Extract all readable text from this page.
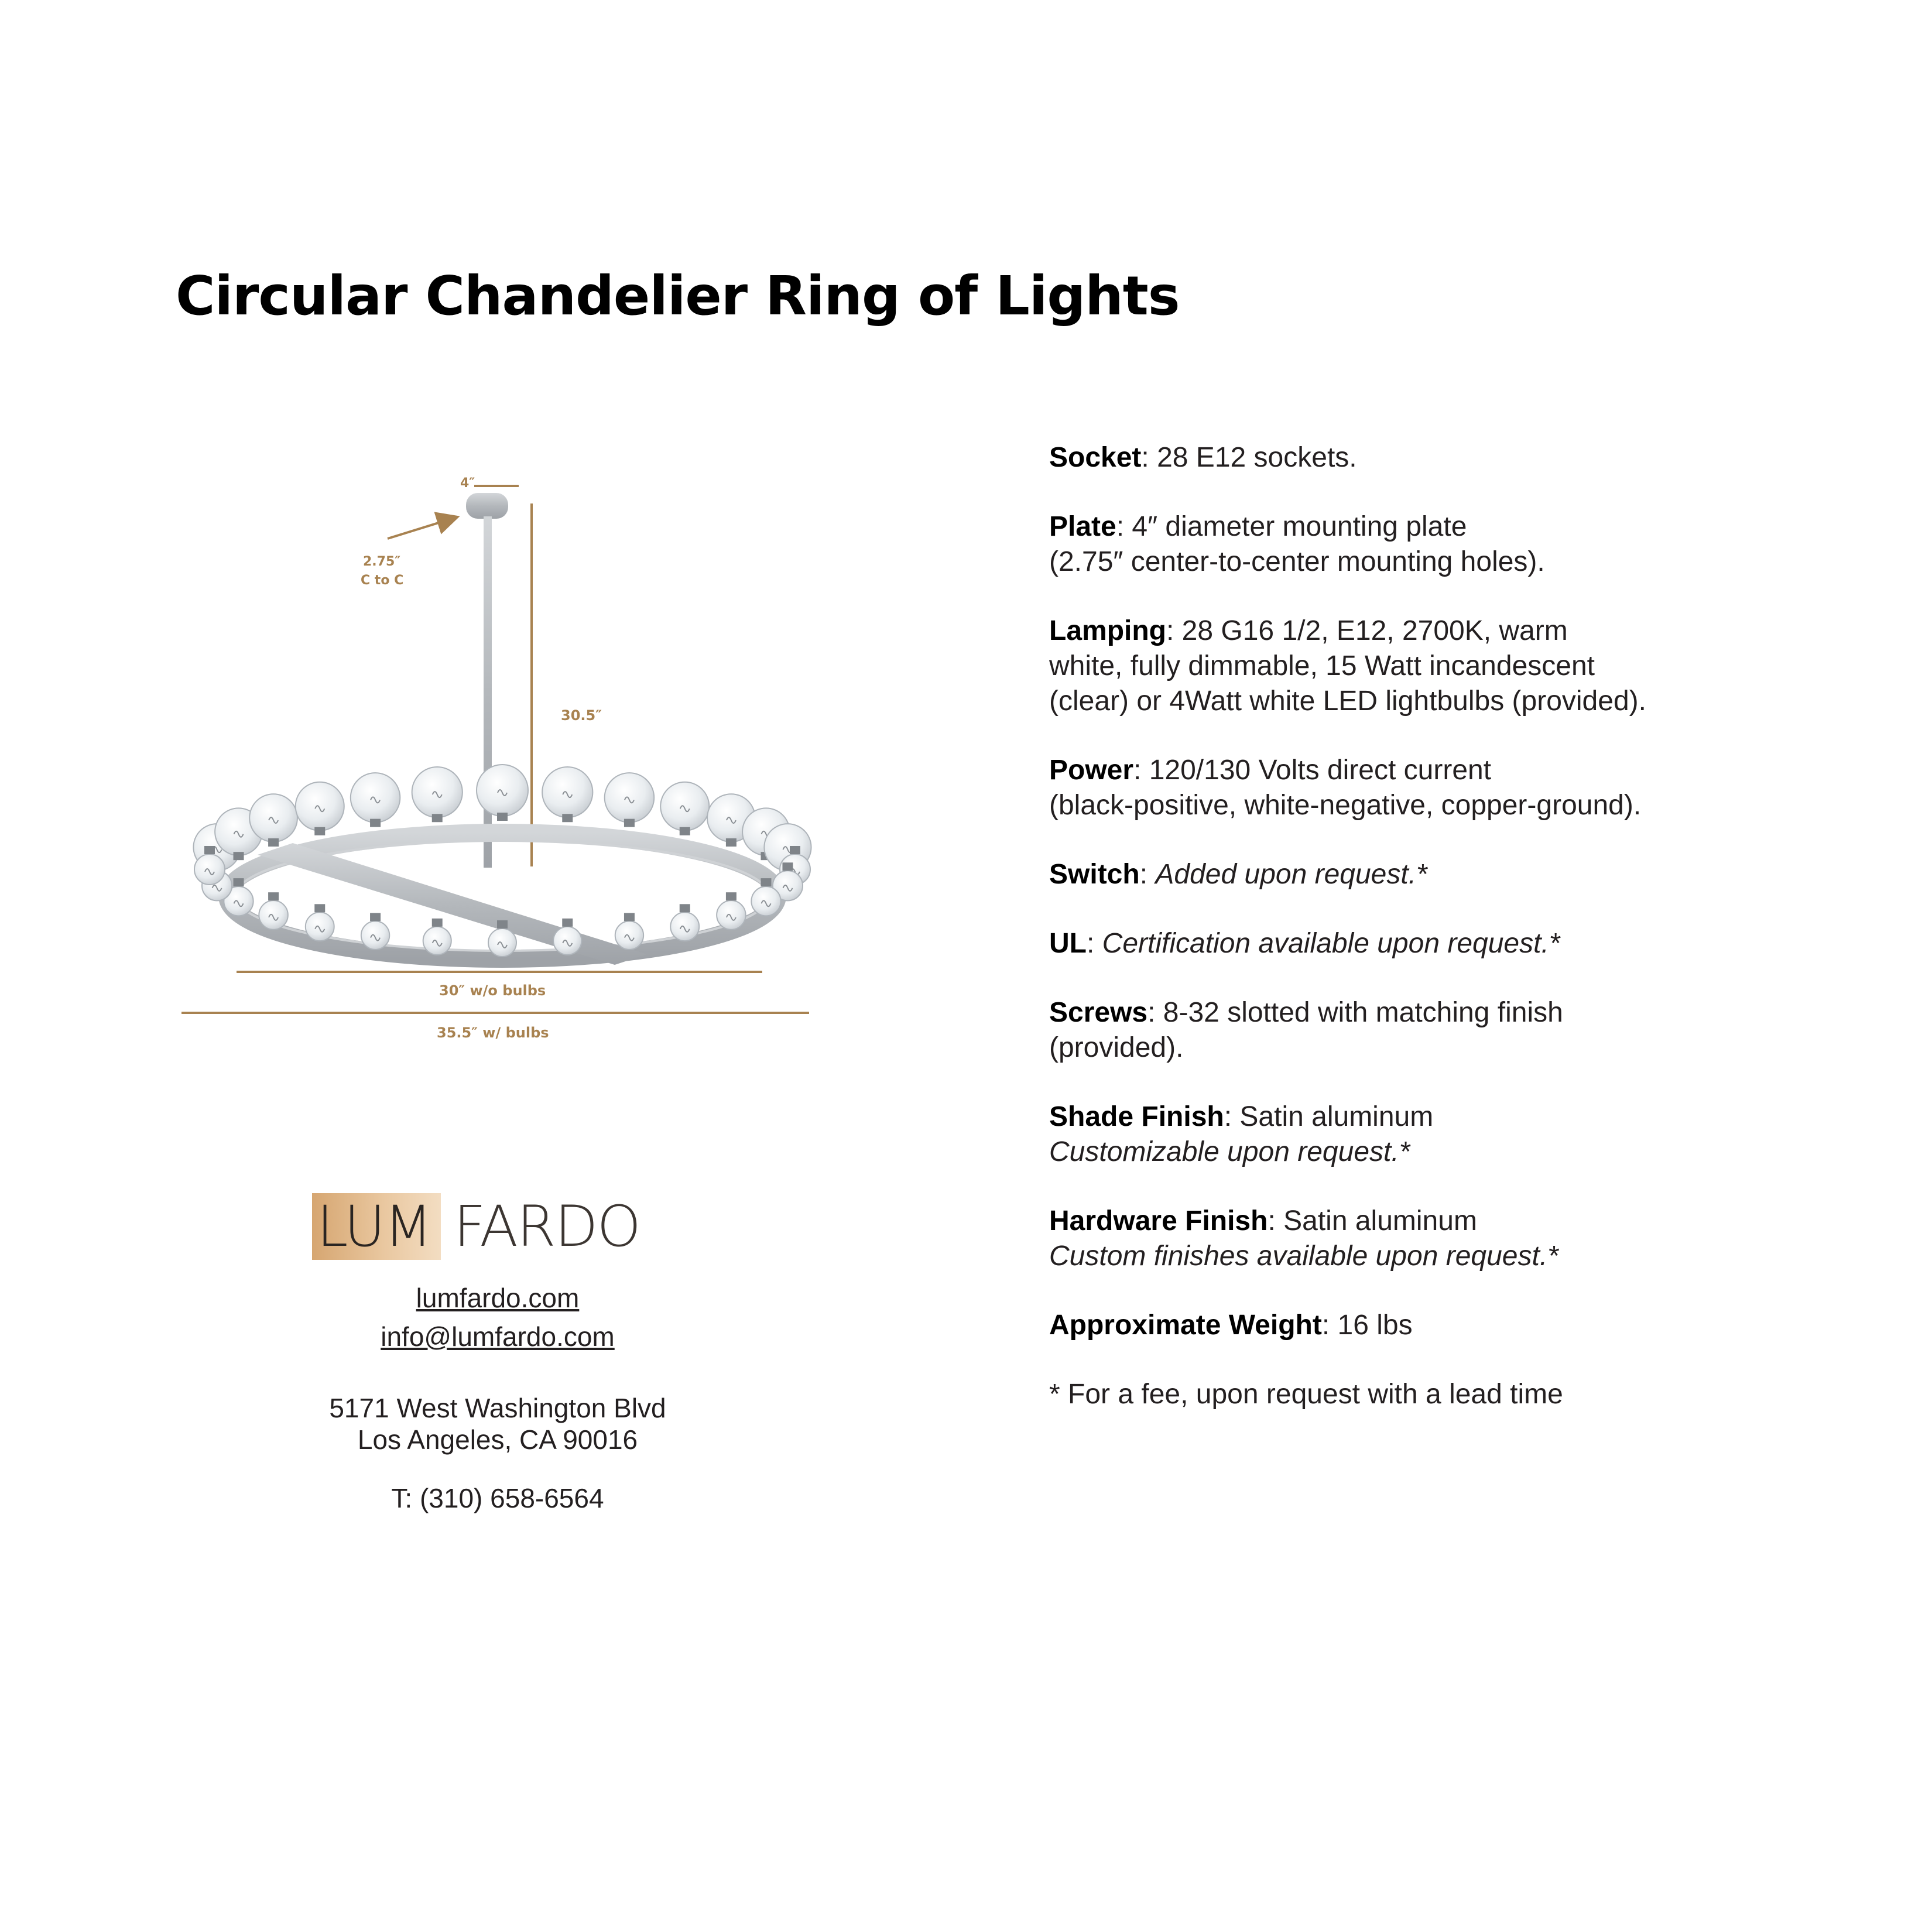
Circular Chandelier Ring of Lights
4″
2.75″
C to C
30.5″
30″ w/o bulbs
35.5″ w/ bulbs
LUM FARDO
lumfardo.com
info@lumfardo.com
5171 West Washington Blvd
Los Angeles, CA 90016
T: (310) 658-6564
Socket: 28 E12 sockets.
Plate: 4″ diameter mounting plate
(2.75″ center-to-center mounting holes).
Lamping: 28 G16 1/2, E12, 2700K, warm
white, fully dimmable, 15 Watt incandescent
(clear) or 4Watt white LED lightbulbs (provided).
Power: 120/130 Volts direct current
(black-positive, white-negative, copper-ground).
Switch: Added upon request.*
UL: Certification available upon request.*
Screws: 8-32 slotted with matching finish
(provided).
Shade Finish: Satin aluminum
Customizable upon request.*
Hardware Finish: Satin aluminum
Custom finishes available upon request.*
Approximate Weight: 16 lbs
* For a fee, upon request with a lead time
